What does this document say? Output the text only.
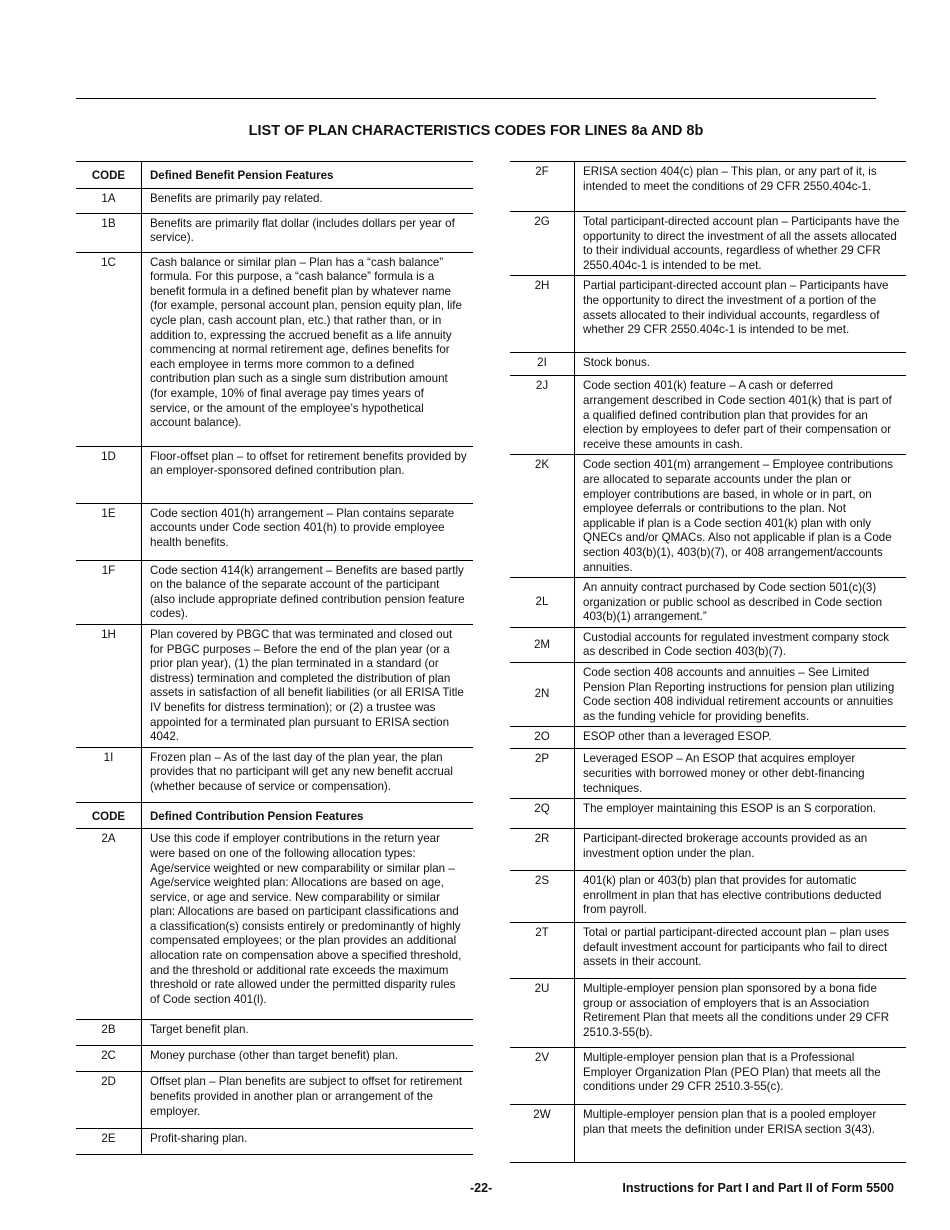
LIST OF PLAN CHARACTERISTICS CODES FOR LINES 8a AND 8b
CODE	Defined Benefit Pension Features
1A	Benefits are primarily pay related.
1B	Benefits are primarily flat dollar (includes dollars per year of service).
1C	Cash balance or similar plan – Plan has a “cash balance” formula. For this purpose, a “cash balance” formula is a benefit formula in a defined benefit plan by whatever name (for example, personal account plan, pension equity plan, life cycle plan, cash account plan, etc.) that rather than, or in addition to, expressing the accrued benefit as a life annuity commencing at normal retirement age, defines benefits for each employee in terms more common to a defined contribution plan such as a single sum distribution amount (for example, 10% of final average pay times years of service, or the amount of the employee’s hypothetical account balance).
1D	Floor-offset plan – to offset for retirement benefits provided by an employer-sponsored defined contribution plan.
1E	Code section 401(h) arrangement – Plan contains separate accounts under Code section 401(h) to provide employee health benefits.
1F	Code section 414(k) arrangement – Benefits are based partly on the balance of the separate account of the participant (also include appropriate defined contribution pension feature codes).
1H	Plan covered by PBGC that was terminated and closed out for PBGC purposes – Before the end of the plan year (or a prior plan year), (1) the plan terminated in a standard (or distress) termination and completed the distribution of plan assets in satisfaction of all benefit liabilities (or all ERISA Title IV benefits for distress termination); or (2) a trustee was appointed for a terminated plan pursuant to ERISA section 4042.
1I	Frozen plan – As of the last day of the plan year, the plan provides that no participant will get any new benefit accrual (whether because of service or compensation).
CODE	Defined Contribution Pension Features
2A	Use this code if employer contributions in the return year were based on one of the following allocation types: Age/service weighted or new comparability or similar plan – Age/service weighted plan: Allocations are based on age, service, or age and service. New comparability or similar plan: Allocations are based on participant classifications and a classification(s) consists entirely or predominantly of highly compensated employees; or the plan provides an additional allocation rate on compensation above a specified threshold, and the threshold or additional rate exceeds the maximum threshold or rate allowed under the permitted disparity rules of Code section 401(l).
2B	Target benefit plan.
2C	Money purchase (other than target benefit) plan.
2D	Offset plan – Plan benefits are subject to offset for retirement benefits provided in another plan or arrangement of the employer.
2E	Profit-sharing plan.
2F	ERISA section 404(c) plan – This plan, or any part of it, is intended to meet the conditions of 29 CFR 2550.404c-1.
2G	Total participant-directed account plan – Participants have the opportunity to direct the investment of all the assets allocated to their individual accounts, regardless of whether 29 CFR 2550.404c-1 is intended to be met.
2H	Partial participant-directed account plan – Participants have the opportunity to direct the investment of a portion of the assets allocated to their individual accounts, regardless of whether 29 CFR 2550.404c-1 is intended to be met.
2I	Stock bonus.
2J	Code section 401(k) feature – A cash or deferred arrangement described in Code section 401(k) that is part of a qualified defined contribution plan that provides for an election by employees to defer part of their compensation or receive these amounts in cash.
2K	Code section 401(m) arrangement – Employee contributions are allocated to separate accounts under the plan or employer contributions are based, in whole or in part, on employee deferrals or contributions to the plan. Not applicable if plan is a Code section 401(k) plan with only QNECs and/or QMACs. Also not applicable if plan is a Code section 403(b)(1), 403(b)(7), or 408 arrangement/accounts annuities.
2L	An annuity contract purchased by Code section 501(c)(3) organization or public school as described in Code section 403(b)(1) arrangement.”
2M	Custodial accounts for regulated investment company stock as described in Code section 403(b)(7).
2N	Code section 408 accounts and annuities – See Limited Pension Plan Reporting instructions for pension plan utilizing Code section 408 individual retirement accounts or annuities as the funding vehicle for providing benefits.
2O	ESOP other than a leveraged ESOP.
2P	Leveraged ESOP – An ESOP that acquires employer securities with borrowed money or other debt-financing techniques.
2Q	The employer maintaining this ESOP is an S corporation.
2R	Participant-directed brokerage accounts provided as an investment option under the plan.
2S	401(k) plan or 403(b) plan that provides for automatic enrollment in plan that has elective contributions deducted from payroll.
2T	Total or partial participant-directed account plan – plan uses default investment account for participants who fail to direct assets in their account.
2U	Multiple-employer pension plan sponsored by a bona fide group or association of employers that is an Association Retirement Plan that meets all the conditions under 29 CFR 2510.3-55(b).
2V	Multiple-employer pension plan that is a Professional Employer Organization Plan (PEO Plan) that meets all the conditions under 29 CFR 2510.3-55(c).
2W	Multiple-employer pension plan that is a pooled employer plan that meets the definition under ERISA section 3(43).
-22-	Instructions for Part I and Part II of Form 5500
